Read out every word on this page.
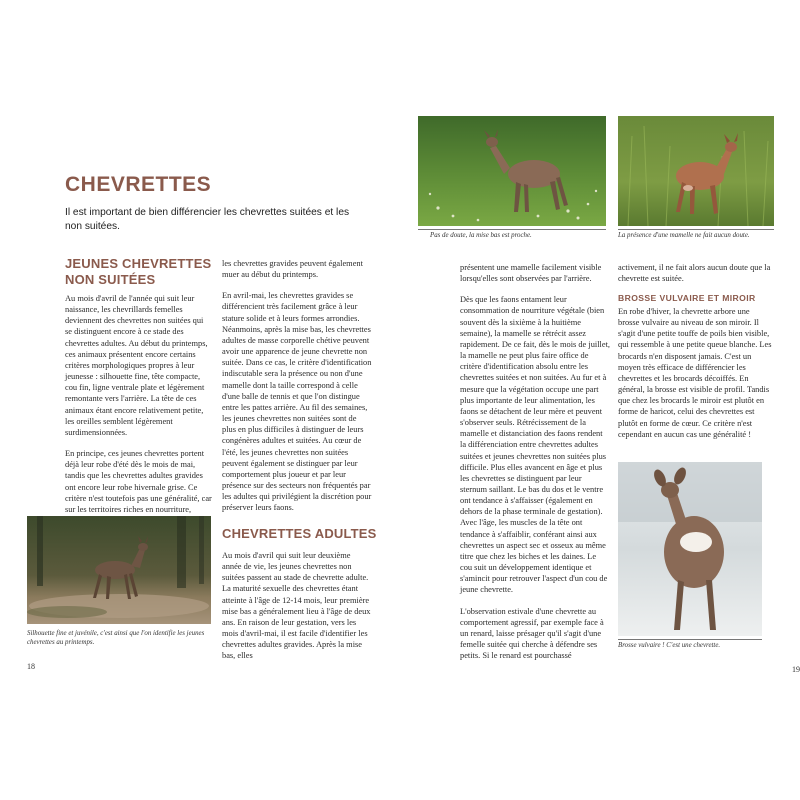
CHEVRETTES

Il est important de bien différencier les chevrettes suitées et les non suitées.

JEUNES CHEVRETTES NON SUITÉES

Au mois d'avril de l'année qui suit leur naissance, les chevrillards femelles deviennent des chevrettes non suitées qui se distinguent encore à ce stade des chevrettes adultes. Au début du printemps, ces animaux présentent encore certains critères morphologiques propres à leur jeunesse : silhouette fine, tête compacte, cou fin, ligne ventrale plate et légèrement remontante vers l'arrière. La tête de ces animaux étant encore relativement petite, les oreilles semblent légèrement surdimensionnées.

En principe, ces jeunes chevrettes portent déjà leur robe d'été dès le mois de mai, tandis que les chevrettes adultes gravides ont encore leur robe hivernale grise. Ce critère n'est toutefois pas une généralité, car sur les territoires riches en nourriture,

les chevrettes gravides peuvent également muer au début du printemps.

En avril-mai, les chevrettes gravides se différencient très facilement grâce à leur stature solide et à leurs formes arrondies. Néanmoins, après la mise bas, les chevrettes adultes de masse corporelle chétive peuvent avoir une apparence de jeune chevrette non suitée. Dans ce cas, le critère d'identification indiscutable sera la présence ou non d'une mamelle dont la taille correspond à celle d'une balle de tennis et que l'on distingue entre les pattes arrière. Au fil des semaines, les jeunes chevrettes non suitées sont de plus en plus difficiles à distinguer de leurs congénères adultes et suitées. Au cœur de l'été, les jeunes chevrettes non suitées peuvent également se distinguer par leur comportement plus joueur et par leur présence sur des secteurs non fréquentés par les adultes qui privilégient la discrétion pour préserver leurs faons.

CHEVRETTES ADULTES

Au mois d'avril qui suit leur deuxième année de vie, les jeunes chevrettes non suitées passent au stade de chevrette adulte. La maturité sexuelle des chevrettes étant atteinte à l'âge de 12-14 mois, leur première mise bas a généralement lieu à l'âge de deux ans. En raison de leur gestation, vers les mois d'avril-mai, il est facile d'identifier les chevrettes adultes gravides. Après la mise bas, elles

Silhouette fine et juvénile, c'est ainsi que l'on identifie les jeunes chevrettes au printemps.

18

Pas de doute, la mise bas est proche.	La présence d'une mamelle ne fait aucun doute.

présentent une mamelle facilement visible lorsqu'elles sont observées par l'arrière.

Dès que les faons entament leur consommation de nourriture végétale (bien souvent dès la sixième à la huitième semaine), la mamelle se rétrécit assez rapidement. De ce fait, dès le mois de juillet, la mamelle ne peut plus faire office de critère d'identification absolu entre les chevrettes suitées et non suitées. Au fur et à mesure que la végétation occupe une part plus importante de leur alimentation, les faons se détachent de leur mère et peuvent s'observer seuls. Rétrécissement de la mamelle et distanciation des faons rendent la différenciation entre chevrettes adultes suitées et jeunes chevrettes non suitées plus difficile. Plus elles avancent en âge et plus les chevrettes se distinguent par leur sternum saillant. Le bas du dos et le ventre ont tendance à s'affaisser (également en dehors de la phase terminale de gestation). Avec l'âge, les muscles de la tête ont tendance à s'affaiblir, conférant ainsi aux chevrettes un aspect sec et osseux au même titre que chez les biches et les daines. Le cou suit un développement identique et s'amincit pour retrouver l'aspect d'un cou de jeune chevrette.

L'observation estivale d'une chevrette au comportement agressif, par exemple face à un renard, laisse présager qu'il s'agit d'une femelle suitée qui cherche à défendre ses petits. Si le renard est pourchassé

activement, il ne fait alors aucun doute que la chevrette est suitée.

BROSSE VULVAIRE ET MIROIR

En robe d'hiver, la chevrette arbore une brosse vulvaire au niveau de son miroir. Il s'agit d'une petite touffe de poils bien visible, qui ressemble à une petite queue blanche. Les brocards n'en disposent jamais. C'est un moyen très efficace de différencier les chevrettes et les brocards décoiffés. En général, la brosse est visible de profil. Tandis que chez les brocards le miroir est plutôt en forme de haricot, celui des chevrettes est plutôt en forme de cœur. Ce critère n'est cependant en aucun cas une généralité !

Brosse vulvaire ! C'est une chevrette.

19
